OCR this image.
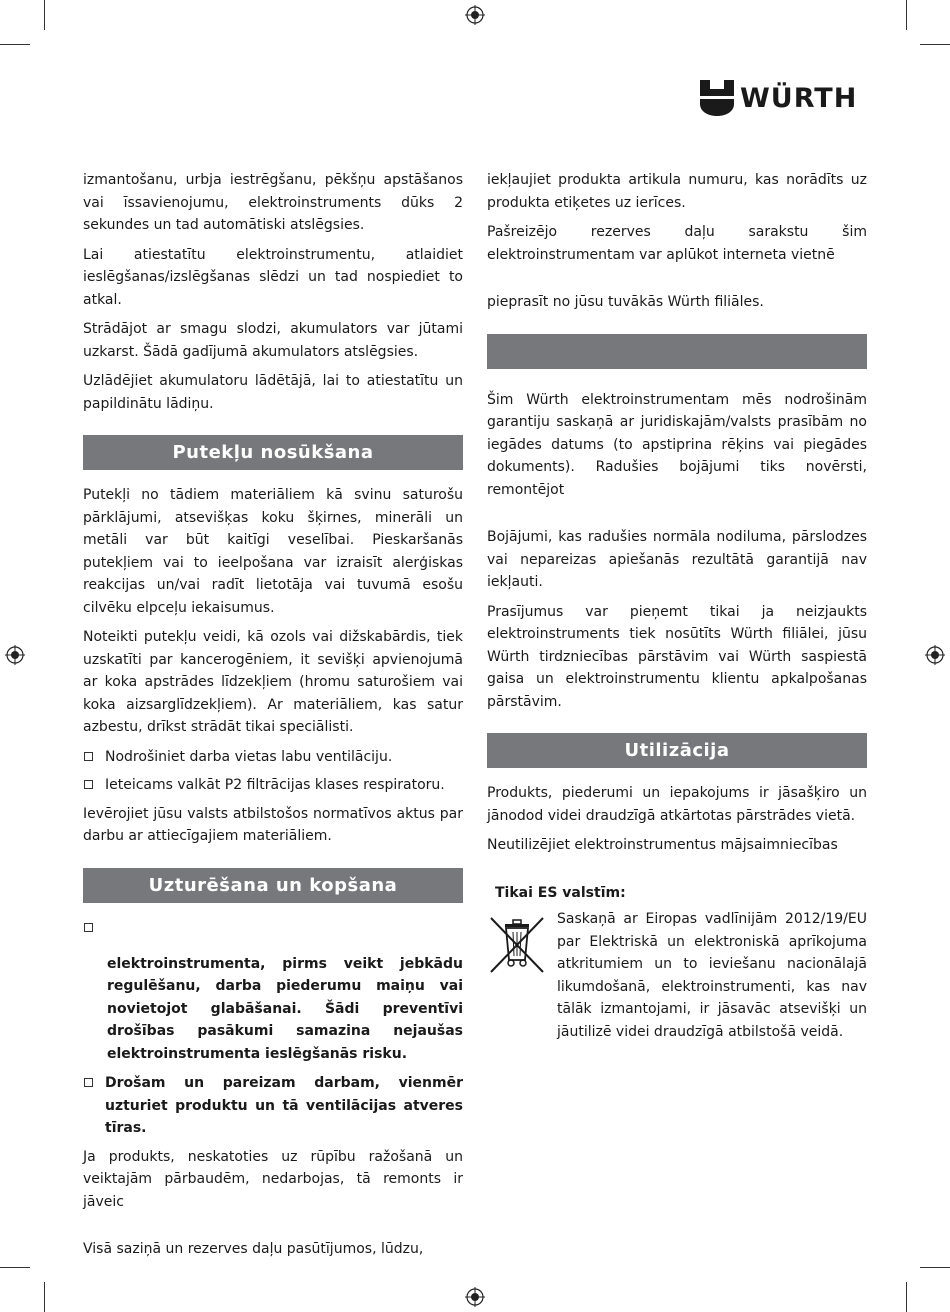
WÜRTH

izmantošanu, urbja iestrēgšanu, pēkšņu apstāšanos vai īssavienojumu, elektroinstruments dūks 2 sekundes un tad automātiski atslēgsies.

Lai atiestatītu elektroinstrumentu, atlaidiet ieslēgšanas/izslēgšanas slēdzi un tad nospiediet to atkal.

Strādājot ar smagu slodzi, akumulators var jūtami uzkarst. Šādā gadījumā akumulators atslēgsies.

Uzlādējiet akumulatoru lādētājā, lai to atiestatītu un papildinātu lādiņu.

Putekļu nosūkšana

Putekļi no tādiem materiāliem kā svinu saturošu pārklājumi, atsevišķas koku šķirnes, minerāli un metāli var būt kaitīgi veselībai. Pieskaršanās putekļiem vai to ieelpošana var izraisīt alerģiskas reakcijas un/vai radīt lietotāja vai tuvumā esošu cilvēku elpceļu iekaisumus.

Noteikti putekļu veidi, kā ozols vai dižskabārdis, tiek uzskatīti par kancerogēniem, it sevišķi apvienojumā ar koka apstrādes līdzekļiem (hromu saturošiem vai koka aizsarglīdzekļiem). Ar materiāliem, kas satur azbestu, drīkst strādāt tikai speciālisti.

Nodrošiniet darba vietas labu ventilāciju.
Ieteicams valkāt P2 filtrācijas klases respiratoru.

Ievērojiet jūsu valsts atbilstošos normatīvos aktus par darbu ar attiecīgajiem materiāliem.

Uzturēšana un kopšana

elektroinstrumenta, pirms veikt jebkādu regulēšanu, darba piederumu maiņu vai novietojot glabāšanai. Šādi preventīvi drošības pasākumi samazina nejaušas elektroinstrumenta ieslēgšanās risku.

Drošam un pareizam darbam, vienmēr uzturiet produktu un tā ventilācijas atveres tīras.

Ja produkts, neskatoties uz rūpību ražošanā un veiktajām pārbaudēm, nedarbojas, tā remonts ir jāveic

Visā saziņā un rezerves daļu pasūtījumos, lūdzu,

iekļaujiet produkta artikula numuru, kas norādīts uz produkta etiķetes uz ierīces.

Pašreizējo rezerves daļu sarakstu šim elektroinstrumentam var aplūkot interneta vietnē

pieprasīt no jūsu tuvākās Würth filiāles.

Šim Würth elektroinstrumentam mēs nodrošinām garantiju saskaņā ar juridiskajām/valsts prasībām no iegādes datums (to apstiprina rēķins vai piegādes dokuments). Radušies bojājumi tiks novērsti, remontējot

Bojājumi, kas radušies normāla nodiluma, pārslodzes vai nepareizas apiešanās rezultātā garantijā nav iekļauti.

Prasījumus var pieņemt tikai ja neizjaukts elektroinstruments tiek nosūtīts Würth filiālei, jūsu Würth tirdzniecības pārstāvim vai Würth saspiestā gaisa un elektroinstrumentu klientu apkalpošanas pārstāvim.

Utilizācija

Produkts, piederumi un iepakojums ir jāsašķiro un jānodod videi draudzīgā atkārtotas pārstrādes vietā.

Neutilizējiet elektroinstrumentus mājsaimniecības

Tikai ES valstīm:
Saskaņā ar Eiropas vadlīnijām 2012/19/EU par Elektriskā un elektroniskā aprīkojuma atkritumiem un to ieviešanu nacionālajā likumdošanā, elektroinstrumenti, kas nav tālāk izmantojami, ir jāsavāc atsevišķi un jāutilizē videi draudzīgā atbilstošā veidā.
